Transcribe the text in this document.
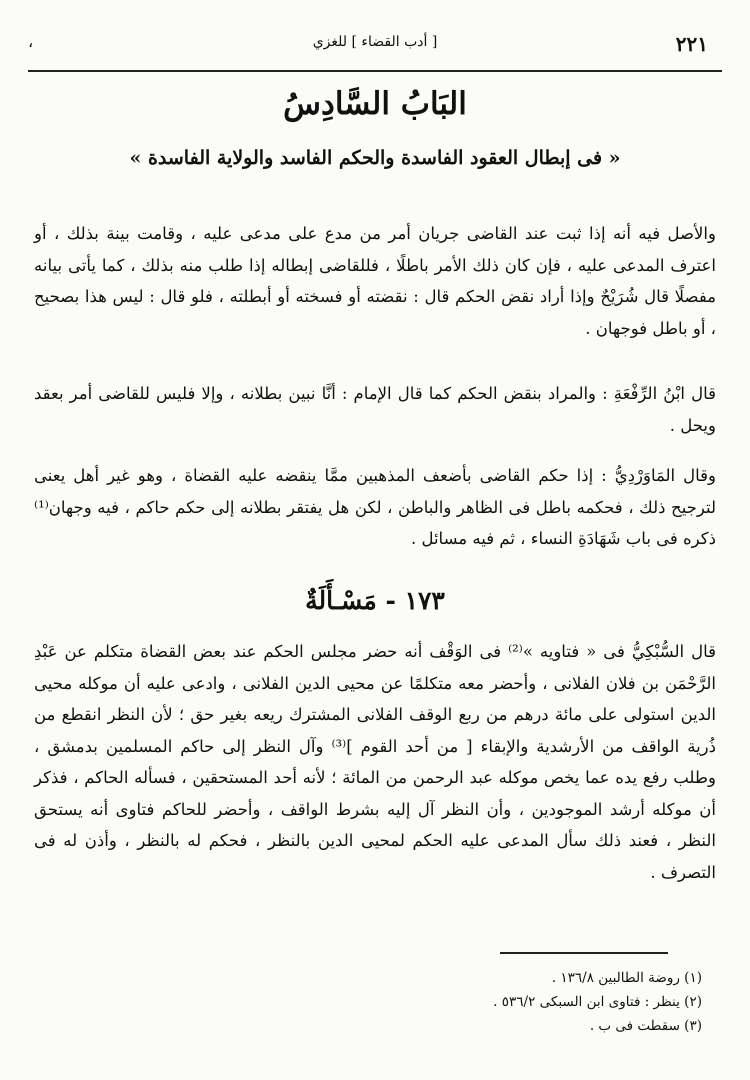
٢٢١
[ أدب القضاء ] للغزي
،
البَابُ السَّادِسُ
« فى إبطال العقود الفاسدة والحكم الفاسد والولاية الفاسدة »

والأصل فيه أنه إذا ثبت عند القاضى جريان أمر من مدع على مدعى عليه ، وقامت بينة بذلك ، أو اعترف المدعى عليه ، فإن كان ذلك الأمر باطلًا ، فللقاضى إبطاله إذا طلب منه بذلك ، كما يأتى بيانه مفصلًا قال شُرَيْحٌ وإذا أراد نقض الحكم قال : نقضته أو فسخته أو أبطلته ، فلو قال : ليس هذا بصحيح ، أو باطل فوجهان .

قال ابْنُ الرِّفْعَةِ : والمراد بنقض الحكم كما قال الإمام : أنَّا نبين بطلانه ، وإلا فليس للقاضى أمر بعقد ويحل .

وقال المَاوَرْدِيُّ : إذا حكم القاضى بأضعف المذهبين ممَّا ينقضه عليه القضاة ، وهو غير أهل يعنى لترجيح ذلك ، فحكمه باطل فى الظاهر والباطن ، لكن هل يفتقر بطلانه إلى حكم حاكم ، فيه وجهان⁽¹⁾ ذكره فى باب شَهَادَةِ النساء ، ثم فيه مسائل .

١٧٣ - مَسْـأَلَةٌ

قال السُّبْكِيُّ فى « فتاويه »⁽²⁾ فى الوَقْف أنه حضر مجلس الحكم عند بعض القضاة متكلم عن عَبْدِ الرَّحْمَن بن فلان الفلانى ، وأحضر معه متكلمًا عن محيى الدين الفلانى ، وادعى عليه أن موكله محيى الدين استولى على مائة درهم من ربع الوقف الفلانى المشترك ريعه بغير حق ؛ لأن النظر انقطع من ذُرية الواقف من الأرشدية والإبقاء [ من أحد القوم ]⁽³⁾ وآل النظر إلى حاكم المسلمين بدمشق ، وطلب رفع يده عما يخص موكله عبد الرحمن من المائة ؛ لأنه أحد المستحقين ، فسأله الحاكم ، فذكر أن موكله أرشد الموجودين ، وأن النظر آل إليه بشرط الواقف ، وأحضر للحاكم فتاوى أنه يستحق النظر ، فعند ذلك سأل المدعى عليه الحكم لمحيى الدين بالنظر ، فحكم له بالنظر ، وأذن له فى التصرف .

(١) روضة الطالبين ١٣٦/٨ .
(٢) ينظر : فتاوى ابن السبكى ٥٣٦/٢ .
(٣) سقطت فى ب .
